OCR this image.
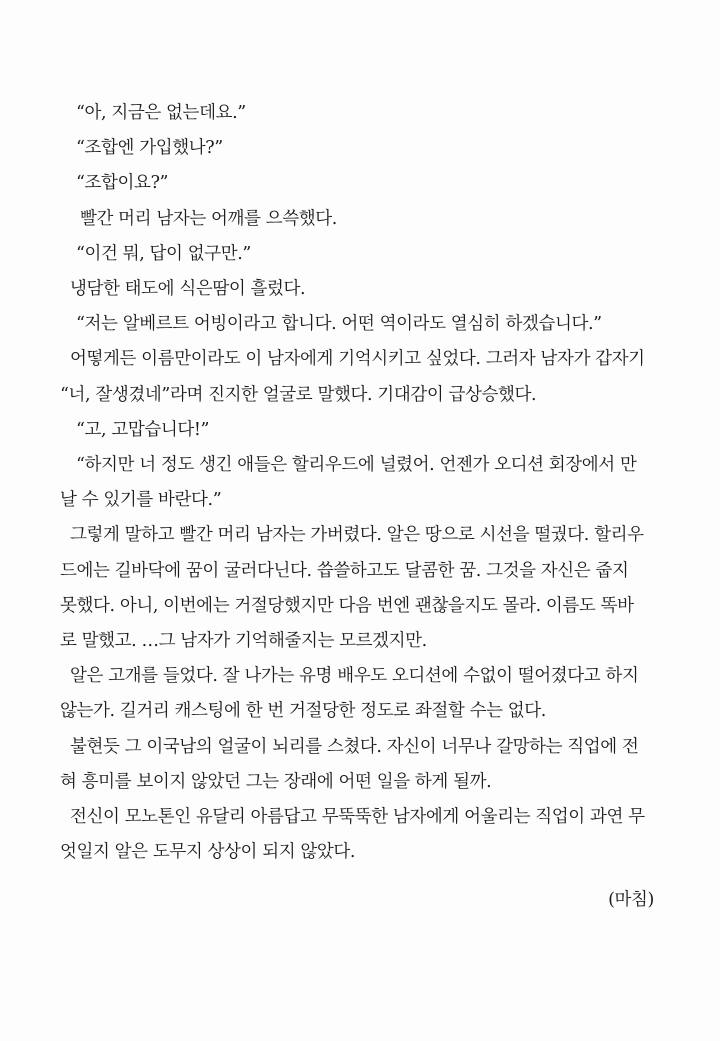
“아, 지금은 없는데요.”

“조합엔 가입했나?”

“조합이요?”

빨간 머리 남자는 어깨를 으쓱했다.

“이건 뭐, 답이 없구만.”

냉담한 태도에 식은땀이 흘렀다.

“저는 알베르트 어빙이라고 합니다. 어떤 역이라도 열심히 하겠습니다.”

어떻게든 이름만이라도 이 남자에게 기억시키고 싶었다. 그러자 남자가 갑자기
“너, 잘생겼네”라며 진지한 얼굴로 말했다. 기대감이 급상승했다.

“고, 고맙습니다!”

“하지만 너 정도 생긴 애들은 할리우드에 널렸어. 언젠가 오디션 회장에서 만
날 수 있기를 바란다.”

그렇게 말하고 빨간 머리 남자는 가버렸다. 알은 땅으로 시선을 떨궜다. 할리우
드에는 길바닥에 꿈이 굴러다닌다. 씁쓸하고도 달콤한 꿈. 그것을 자신은 줍지
못했다. 아니, 이번에는 거절당했지만 다음 번엔 괜찮을지도 몰라. 이름도 똑바
로 말했고. …그 남자가 기억해줄지는 모르겠지만.

알은 고개를 들었다. 잘 나가는 유명 배우도 오디션에 수없이 떨어졌다고 하지
않는가. 길거리 캐스팅에 한 번 거절당한 정도로 좌절할 수는 없다.

불현듯 그 이국남의 얼굴이 뇌리를 스쳤다. 자신이 너무나 갈망하는 직업에 전
혀 흥미를 보이지 않았던 그는 장래에 어떤 일을 하게 될까.

전신이 모노톤인 유달리 아름답고 무뚝뚝한 남자에게 어울리는 직업이 과연 무
엇일지 알은 도무지 상상이 되지 않았다.

(마침)
